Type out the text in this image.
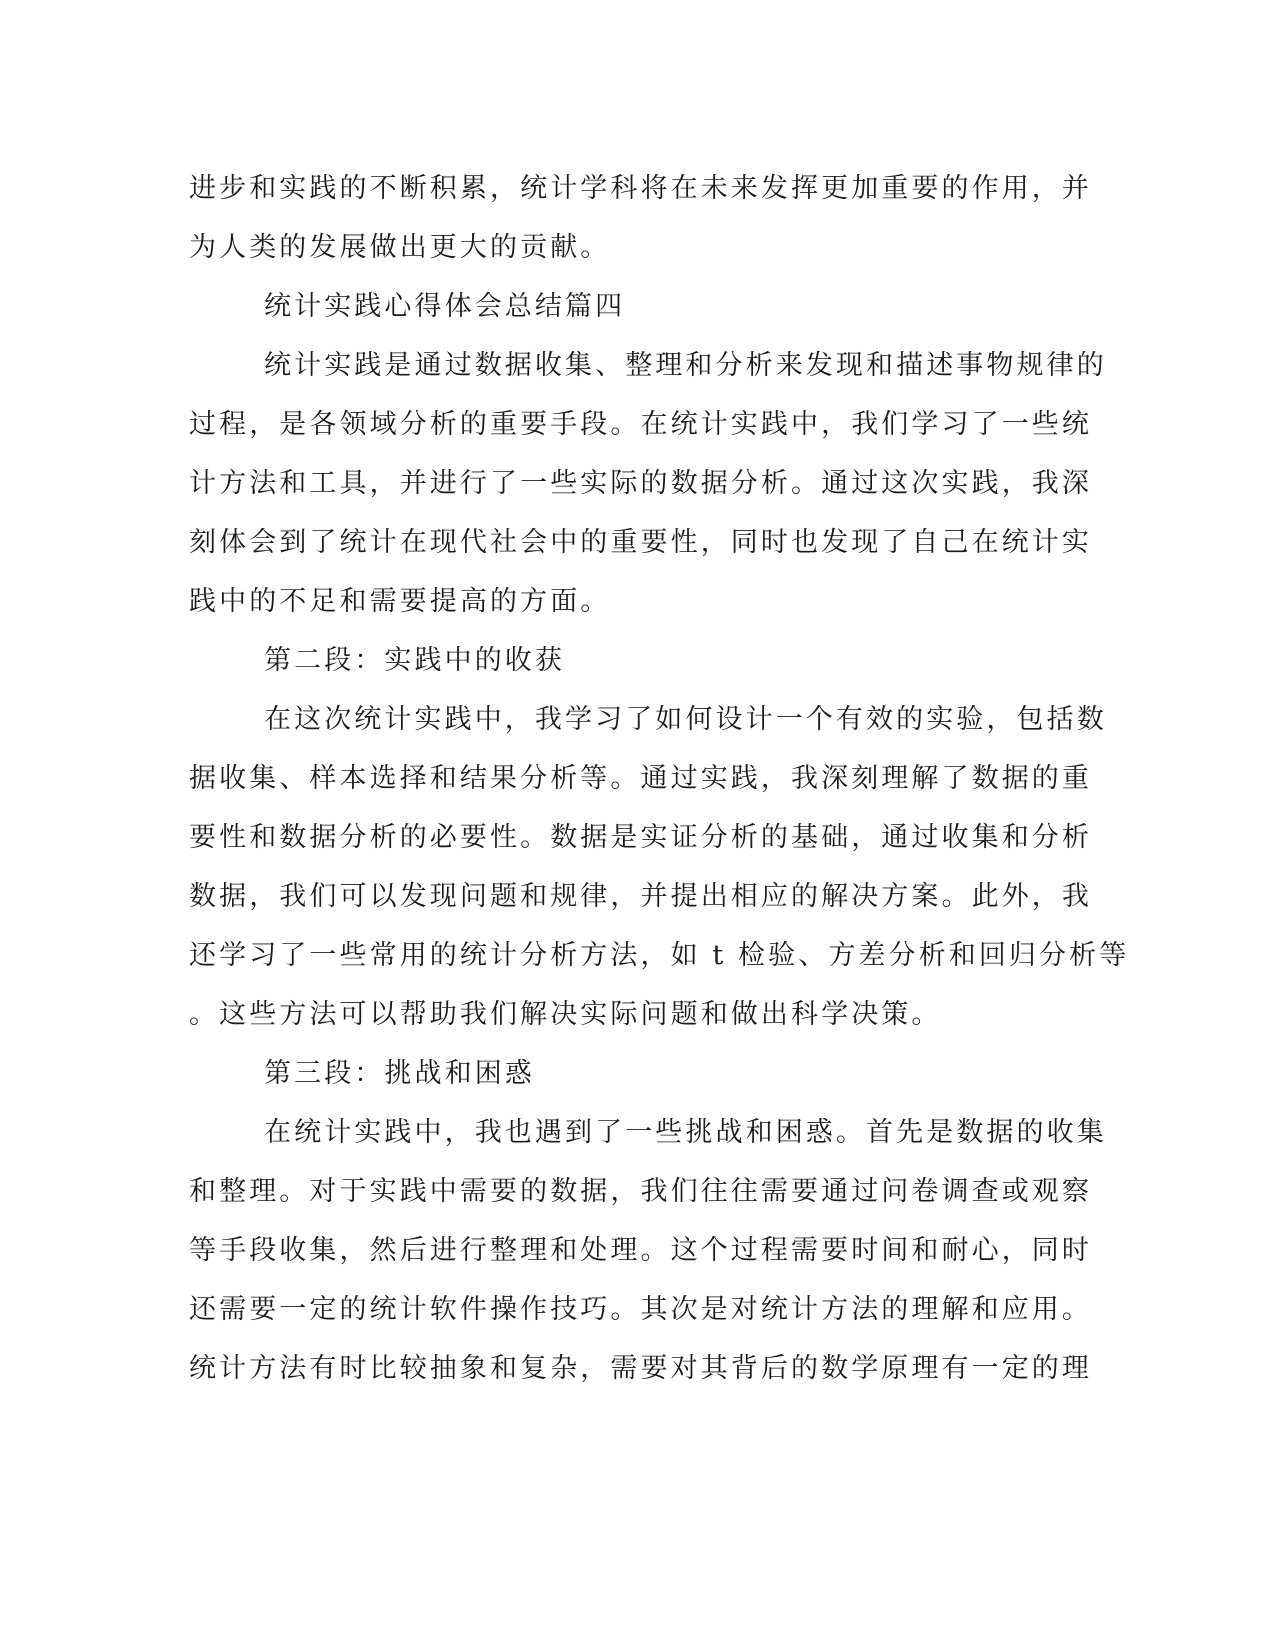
进步和实践的不断积累，统计学科将在未来发挥更加重要的作用，并
为人类的发展做出更大的贡献。
统计实践心得体会总结篇四
统计实践是通过数据收集、整理和分析来发现和描述事物规律的
过程，是各领域分析的重要手段。在统计实践中，我们学习了一些统
计方法和工具，并进行了一些实际的数据分析。通过这次实践，我深
刻体会到了统计在现代社会中的重要性，同时也发现了自己在统计实
践中的不足和需要提高的方面。
第二段：实践中的收获
在这次统计实践中，我学习了如何设计一个有效的实验，包括数
据收集、样本选择和结果分析等。通过实践，我深刻理解了数据的重
要性和数据分析的必要性。数据是实证分析的基础，通过收集和分析
数据，我们可以发现问题和规律，并提出相应的解决方案。此外，我
还学习了一些常用的统计分析方法，如 t 检验、方差分析和回归分析等
。这些方法可以帮助我们解决实际问题和做出科学决策。
第三段：挑战和困惑
在统计实践中，我也遇到了一些挑战和困惑。首先是数据的收集
和整理。对于实践中需要的数据，我们往往需要通过问卷调查或观察
等手段收集，然后进行整理和处理。这个过程需要时间和耐心，同时
还需要一定的统计软件操作技巧。其次是对统计方法的理解和应用。
统计方法有时比较抽象和复杂，需要对其背后的数学原理有一定的理
